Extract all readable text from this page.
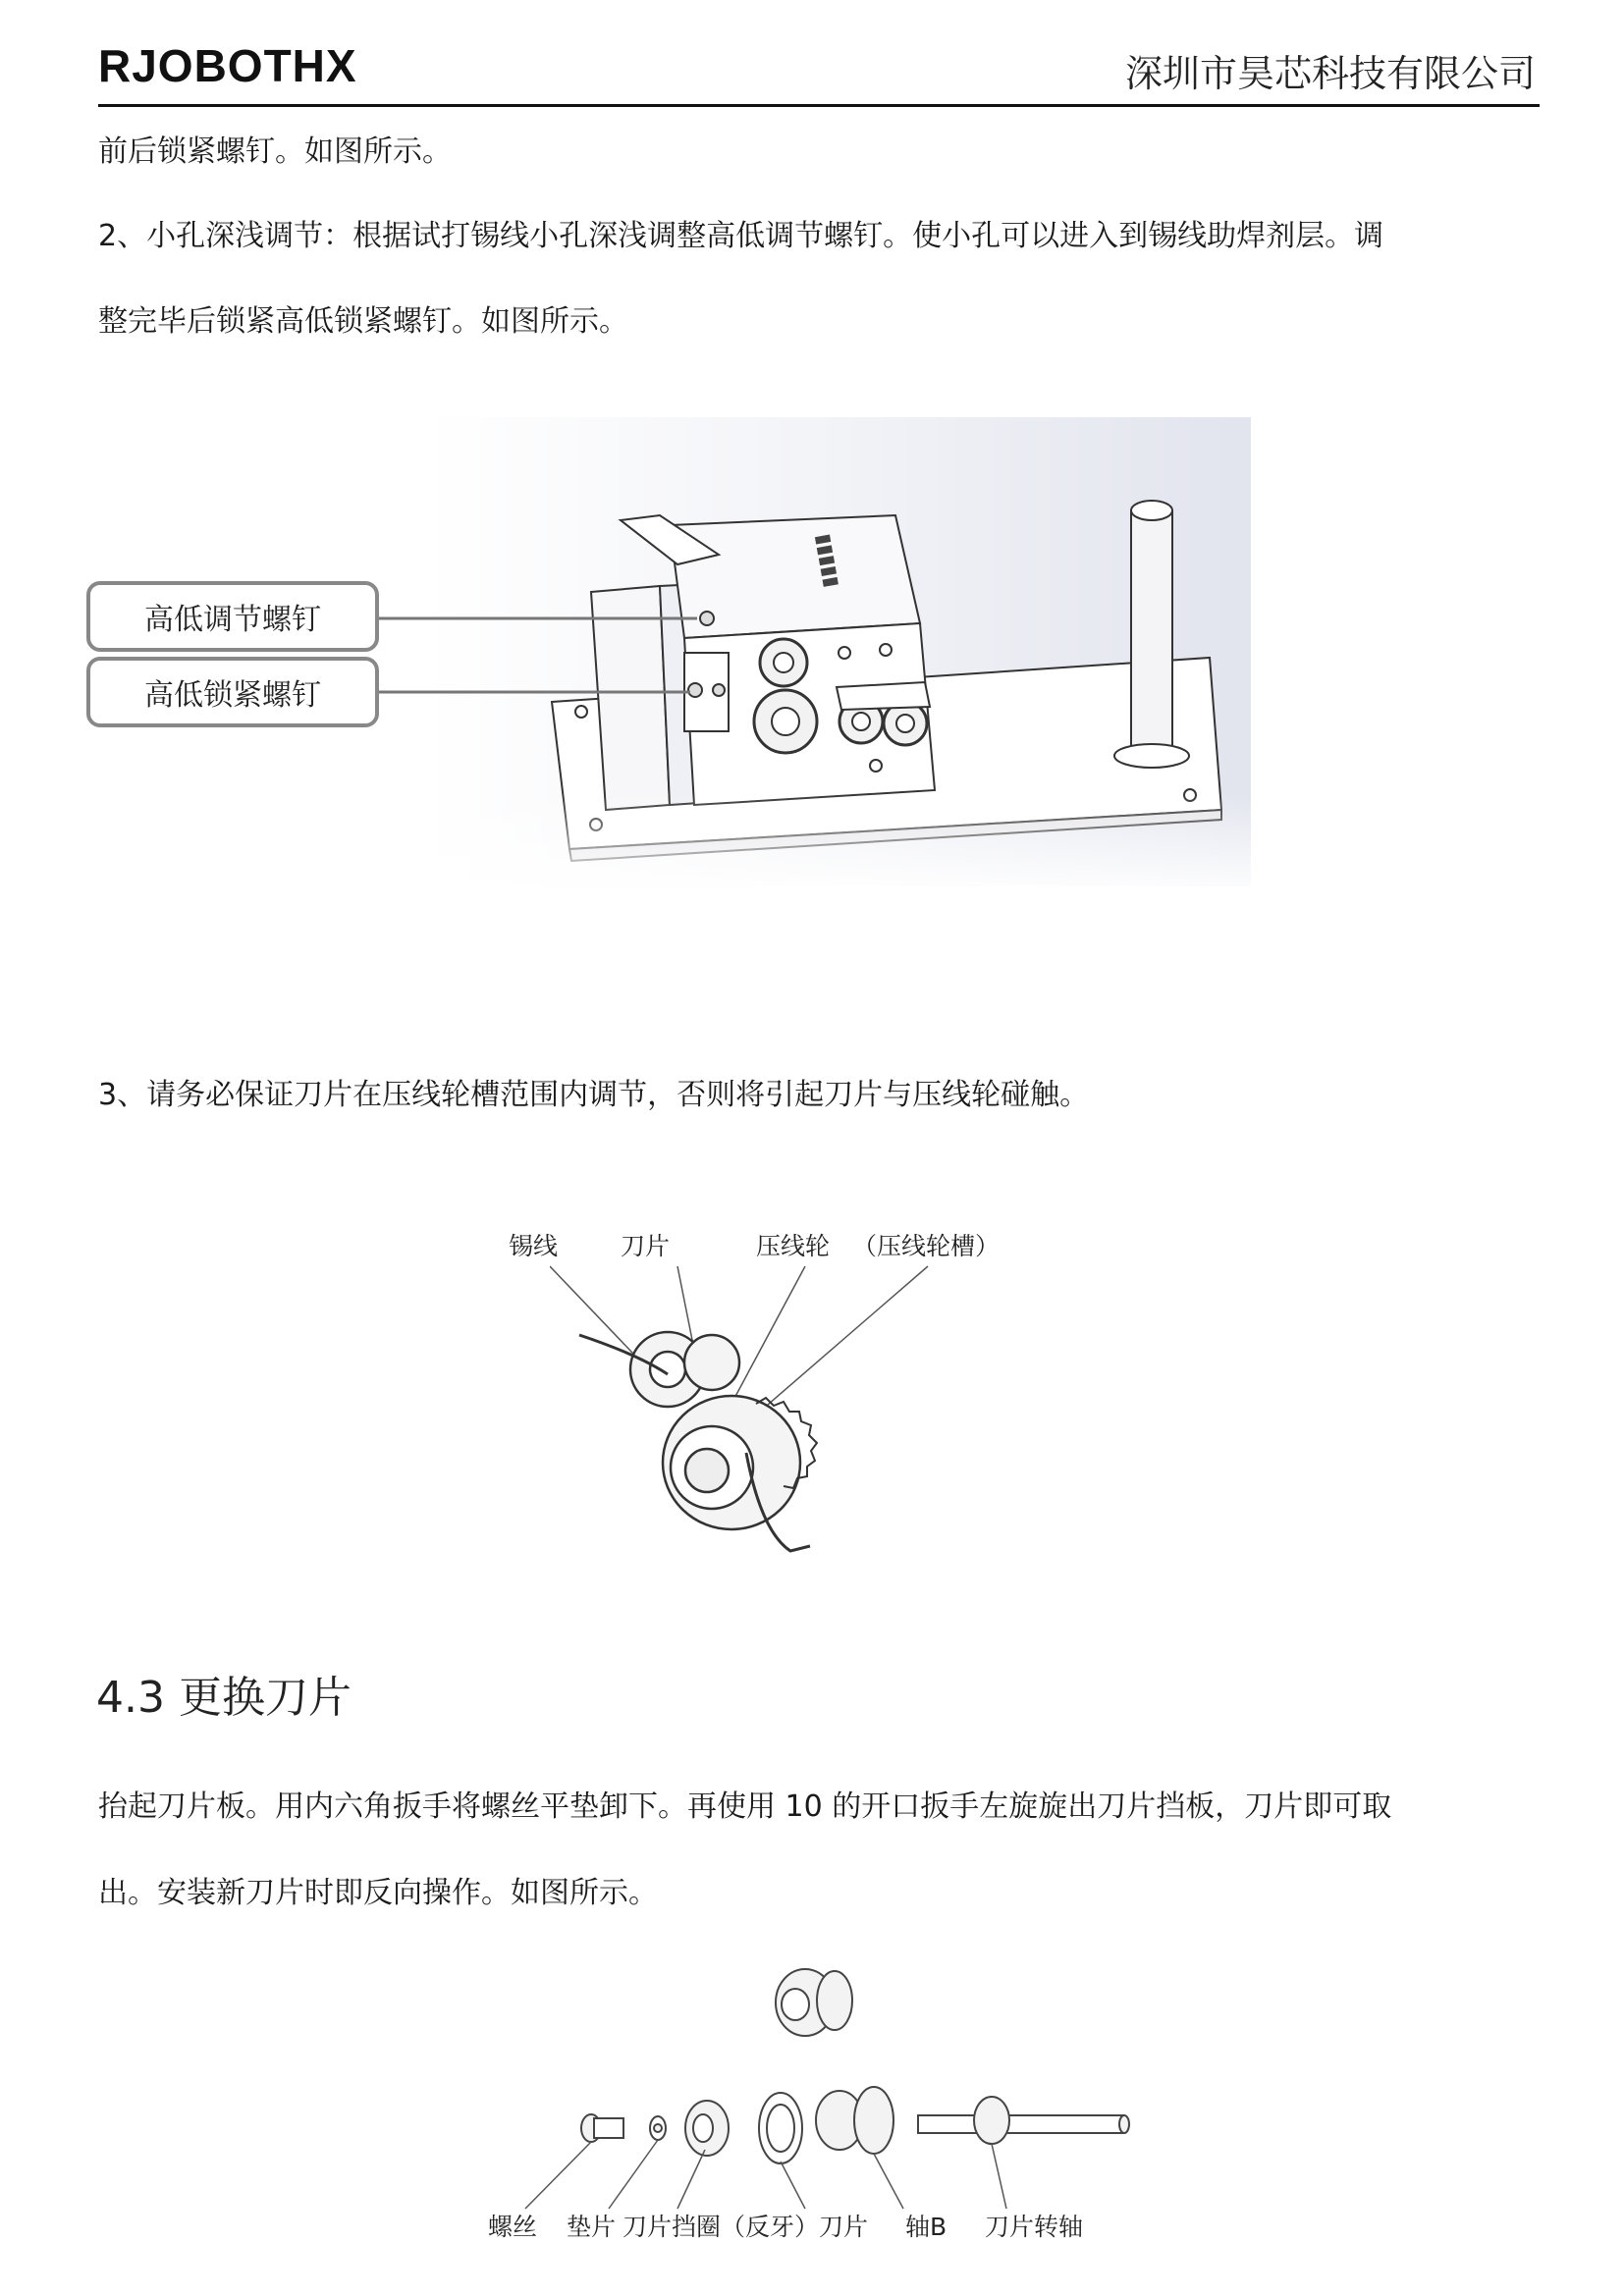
RJOBOTHX	深圳市昊芯科技有限公司
前后锁紧螺钉。如图所示。
2、小孔深浅调节：根据试打锡线小孔深浅调整高低调节螺钉。使小孔可以进入到锡线助焊剂层。调
整完毕后锁紧高低锁紧螺钉。如图所示。
高低调节螺钉
高低锁紧螺钉
3、请务必保证刀片在压线轮槽范围内调节，否则将引起刀片与压线轮碰触。
锡线	刀片	压线轮 （压线轮槽）
4.3 更换刀片
抬起刀片板。用内六角扳手将螺丝平垫卸下。再使用 10 的开口扳手左旋旋出刀片挡板，刀片即可取
出。安装新刀片时即反向操作。如图所示。
螺丝 垫片 刀片挡圈（反牙）刀片 轴B 刀片转轴
